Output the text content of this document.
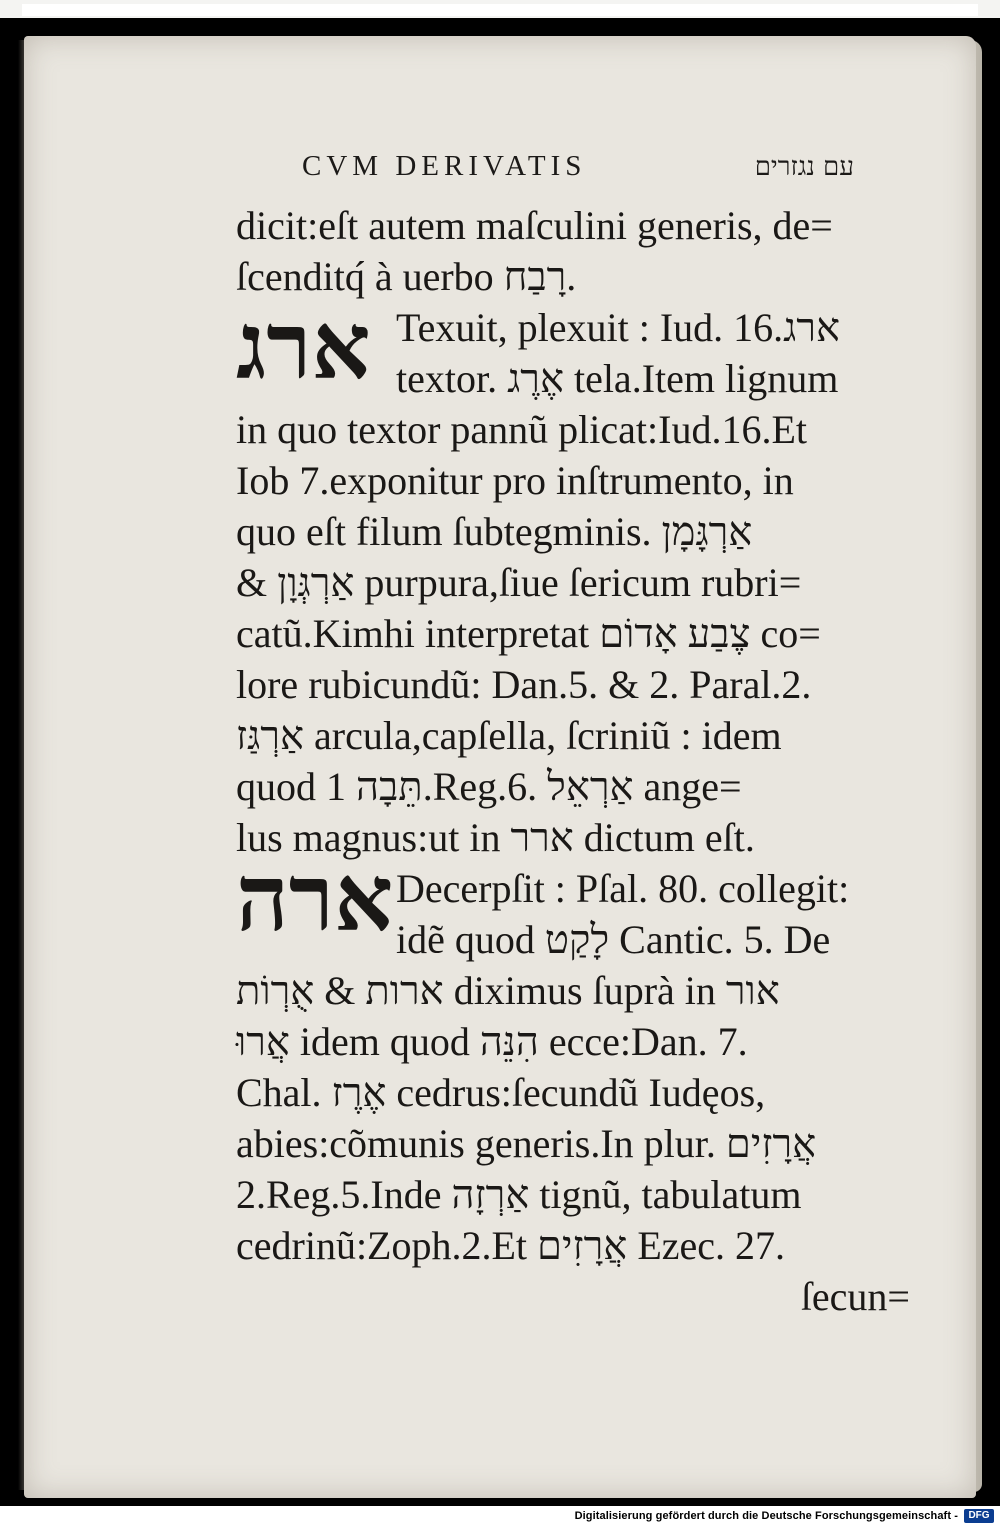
CVM DERIVATIS	עם נגזרים
ארג
ארה
dicit:eſt autem maſculini generis, de=
ſcenditq́ à uerbo רָבַח.
Texuit, plexuit : Iud. 16.ארג
textor. אֶרֶג tela.Item lignum
in quo textor pannũ plicat:Iud.16.Et
Iob 7.exponitur pro inſtrumento, in
quo eſt filum ſubtegminis. אַרְגָּמָן
& אַרְגְּוָן purpura,ſiue ſericum rubri=
catũ.Kimhi interpretat צֶבַע אָדוֹם co=
lore rubicundũ: Dan.5. & 2. Paral.2.
אַרְגַּז arcula,capſella, ſcriniũ : idem
quod תֵּבָה 1.Reg.6. אַרְאֵל ange=
lus magnus:ut in ארר dictum eſt.
Decerpſit : Pſal. 80. collegit:
idẽ quod לָקַט Cantic. 5. De
ארות & אֻרְוֹת diximus ſuprà in אור
אֲרוּ idem quod הִנֵּה ecce:Dan. 7.
Chal. אֶרֶז cedrus:ſecundũ Iudęos,
abies:cõmunis generis.In plur. אֲרָזִים
2.Reg.5.Inde אַרְזָה tignũ, tabulatum
cedrinũ:Zoph.2.Et אֲרָזִים Ezec. 27.
ſecun=
Digitalisierung gefördert durch die Deutsche Forschungsgemeinschaft -	DFG
